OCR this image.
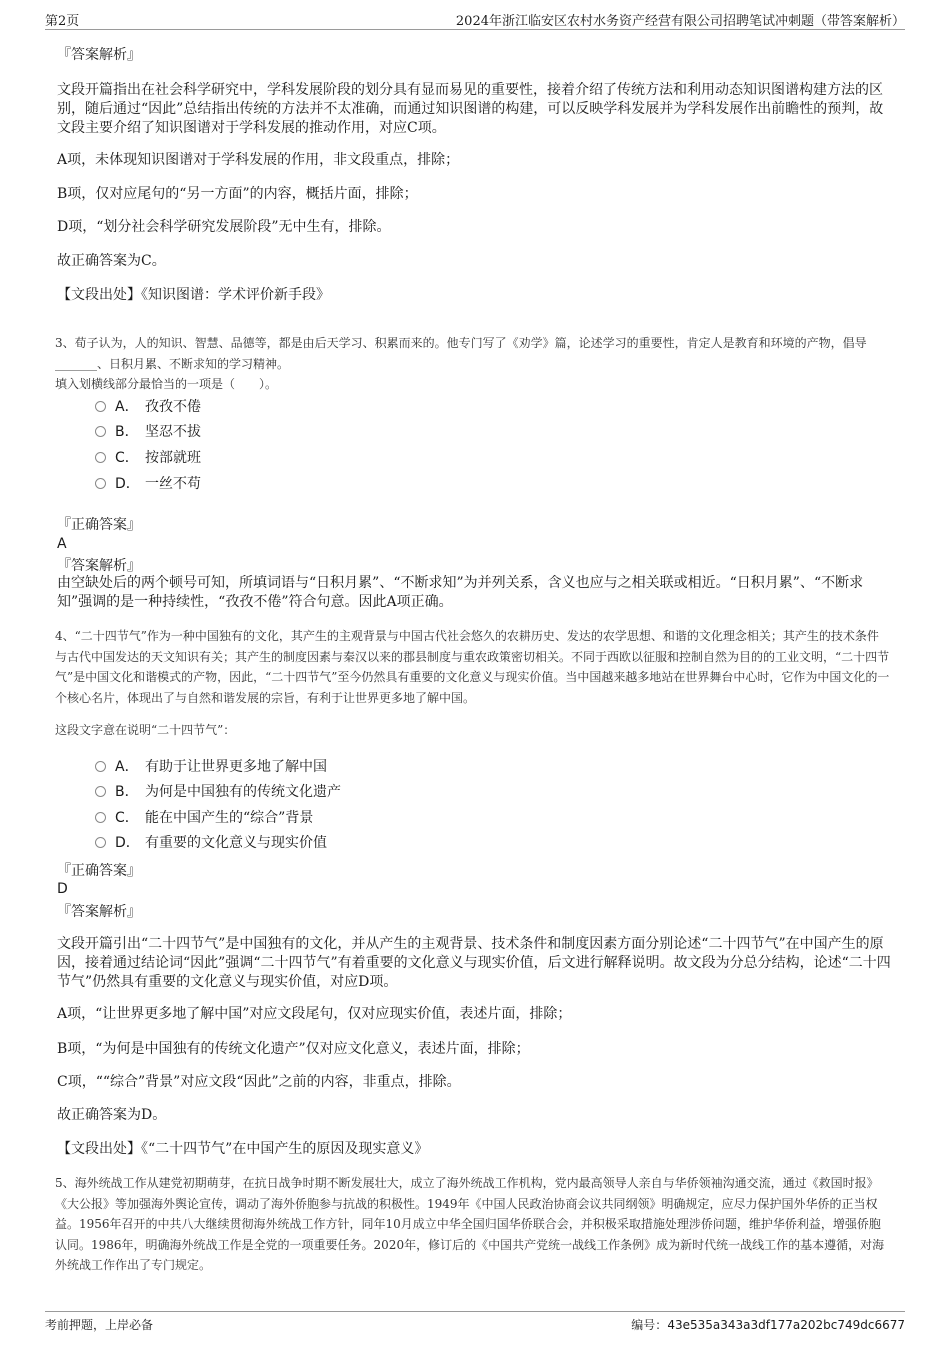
第2页	2024年浙江临安区农村水务资产经营有限公司招聘笔试冲刺题（带答案解析）
『答案解析』
文段开篇指出在社会科学研究中，学科发展阶段的划分具有显而易见的重要性，接着介绍了传统方法和利用动态知识图谱构建方法的区别，随后通过“因此”总结指出传统的方法并不太准确，而通过知识图谱的构建，可以反映学科发展并为学科发展作出前瞻性的预判，故文段主要介绍了知识图谱对于学科发展的推动作用，对应C项。
A项，未体现知识图谱对于学科发展的作用，非文段重点，排除；
B项，仅对应尾句的“另一方面”的内容，概括片面，排除；
D项，“划分社会科学研究发展阶段”无中生有，排除。
故正确答案为C。
【文段出处】《知识图谱：学术评价新手段》
3、荀子认为，人的知识、智慧、品德等，都是由后天学习、积累而来的。他专门写了《劝学》篇，论述学习的重要性，肯定人是教育和环境的产物，倡导_______、日积月累、不断求知的学习精神。
填入划横线部分最恰当的一项是（　　）。
A． 孜孜不倦
B． 坚忍不拔
C． 按部就班
D． 一丝不苟
『正确答案』
A
『答案解析』
由空缺处后的两个顿号可知，所填词语与“日积月累”、“不断求知”为并列关系，含义也应与之相关联或相近。“日积月累”、“不断求知”强调的是一种持续性，“孜孜不倦”符合句意。因此A项正确。
4、“二十四节气”作为一种中国独有的文化，其产生的主观背景与中国古代社会悠久的农耕历史、发达的农学思想、和谐的文化理念相关；其产生的技术条件与古代中国发达的天文知识有关；其产生的制度因素与秦汉以来的郡县制度与重农政策密切相关。不同于西欧以征服和控制自然为目的的工业文明，“二十四节气”是中国文化和谐模式的产物，因此，“二十四节气”至今仍然具有重要的文化意义与现实价值。当中国越来越多地站在世界舞台中心时，它作为中国文化的一个核心名片，体现出了与自然和谐发展的宗旨，有利于让世界更多地了解中国。
这段文字意在说明“二十四节气”：
A． 有助于让世界更多地了解中国
B． 为何是中国独有的传统文化遗产
C． 能在中国产生的“综合”背景
D． 有重要的文化意义与现实价值
『正确答案』
D
『答案解析』
文段开篇引出“二十四节气”是中国独有的文化，并从产生的主观背景、技术条件和制度因素方面分别论述“二十四节气”在中国产生的原因，接着通过结论词“因此”强调“二十四节气”有着重要的文化意义与现实价值，后文进行解释说明。故文段为分总分结构，论述“二十四节气”仍然具有重要的文化意义与现实价值，对应D项。
A项，“让世界更多地了解中国”对应文段尾句，仅对应现实价值，表述片面，排除；
B项，“为何是中国独有的传统文化遗产”仅对应文化意义，表述片面，排除；
C项，““综合”背景”对应文段“因此”之前的内容，非重点，排除。
故正确答案为D。
【文段出处】《“二十四节气”在中国产生的原因及现实意义》
5、海外统战工作从建党初期萌芽，在抗日战争时期不断发展壮大，成立了海外统战工作机构，党内最高领导人亲自与华侨领袖沟通交流，通过《救国时报》《大公报》等加强海外舆论宣传，调动了海外侨胞参与抗战的积极性。1949年《中国人民政治协商会议共同纲领》明确规定，应尽力保护国外华侨的正当权益。1956年召开的中共八大继续贯彻海外统战工作方针，同年10月成立中华全国归国华侨联合会，并积极采取措施处理涉侨问题，维护华侨利益，增强侨胞认同。1986年，明确海外统战工作是全党的一项重要任务。2020年，修订后的《中国共产党统一战线工作条例》成为新时代统一战线工作的基本遵循，对海外统战工作作出了专门规定。
考前押题，上岸必备	编号：43e535a343a3df177a202bc749dc6677
